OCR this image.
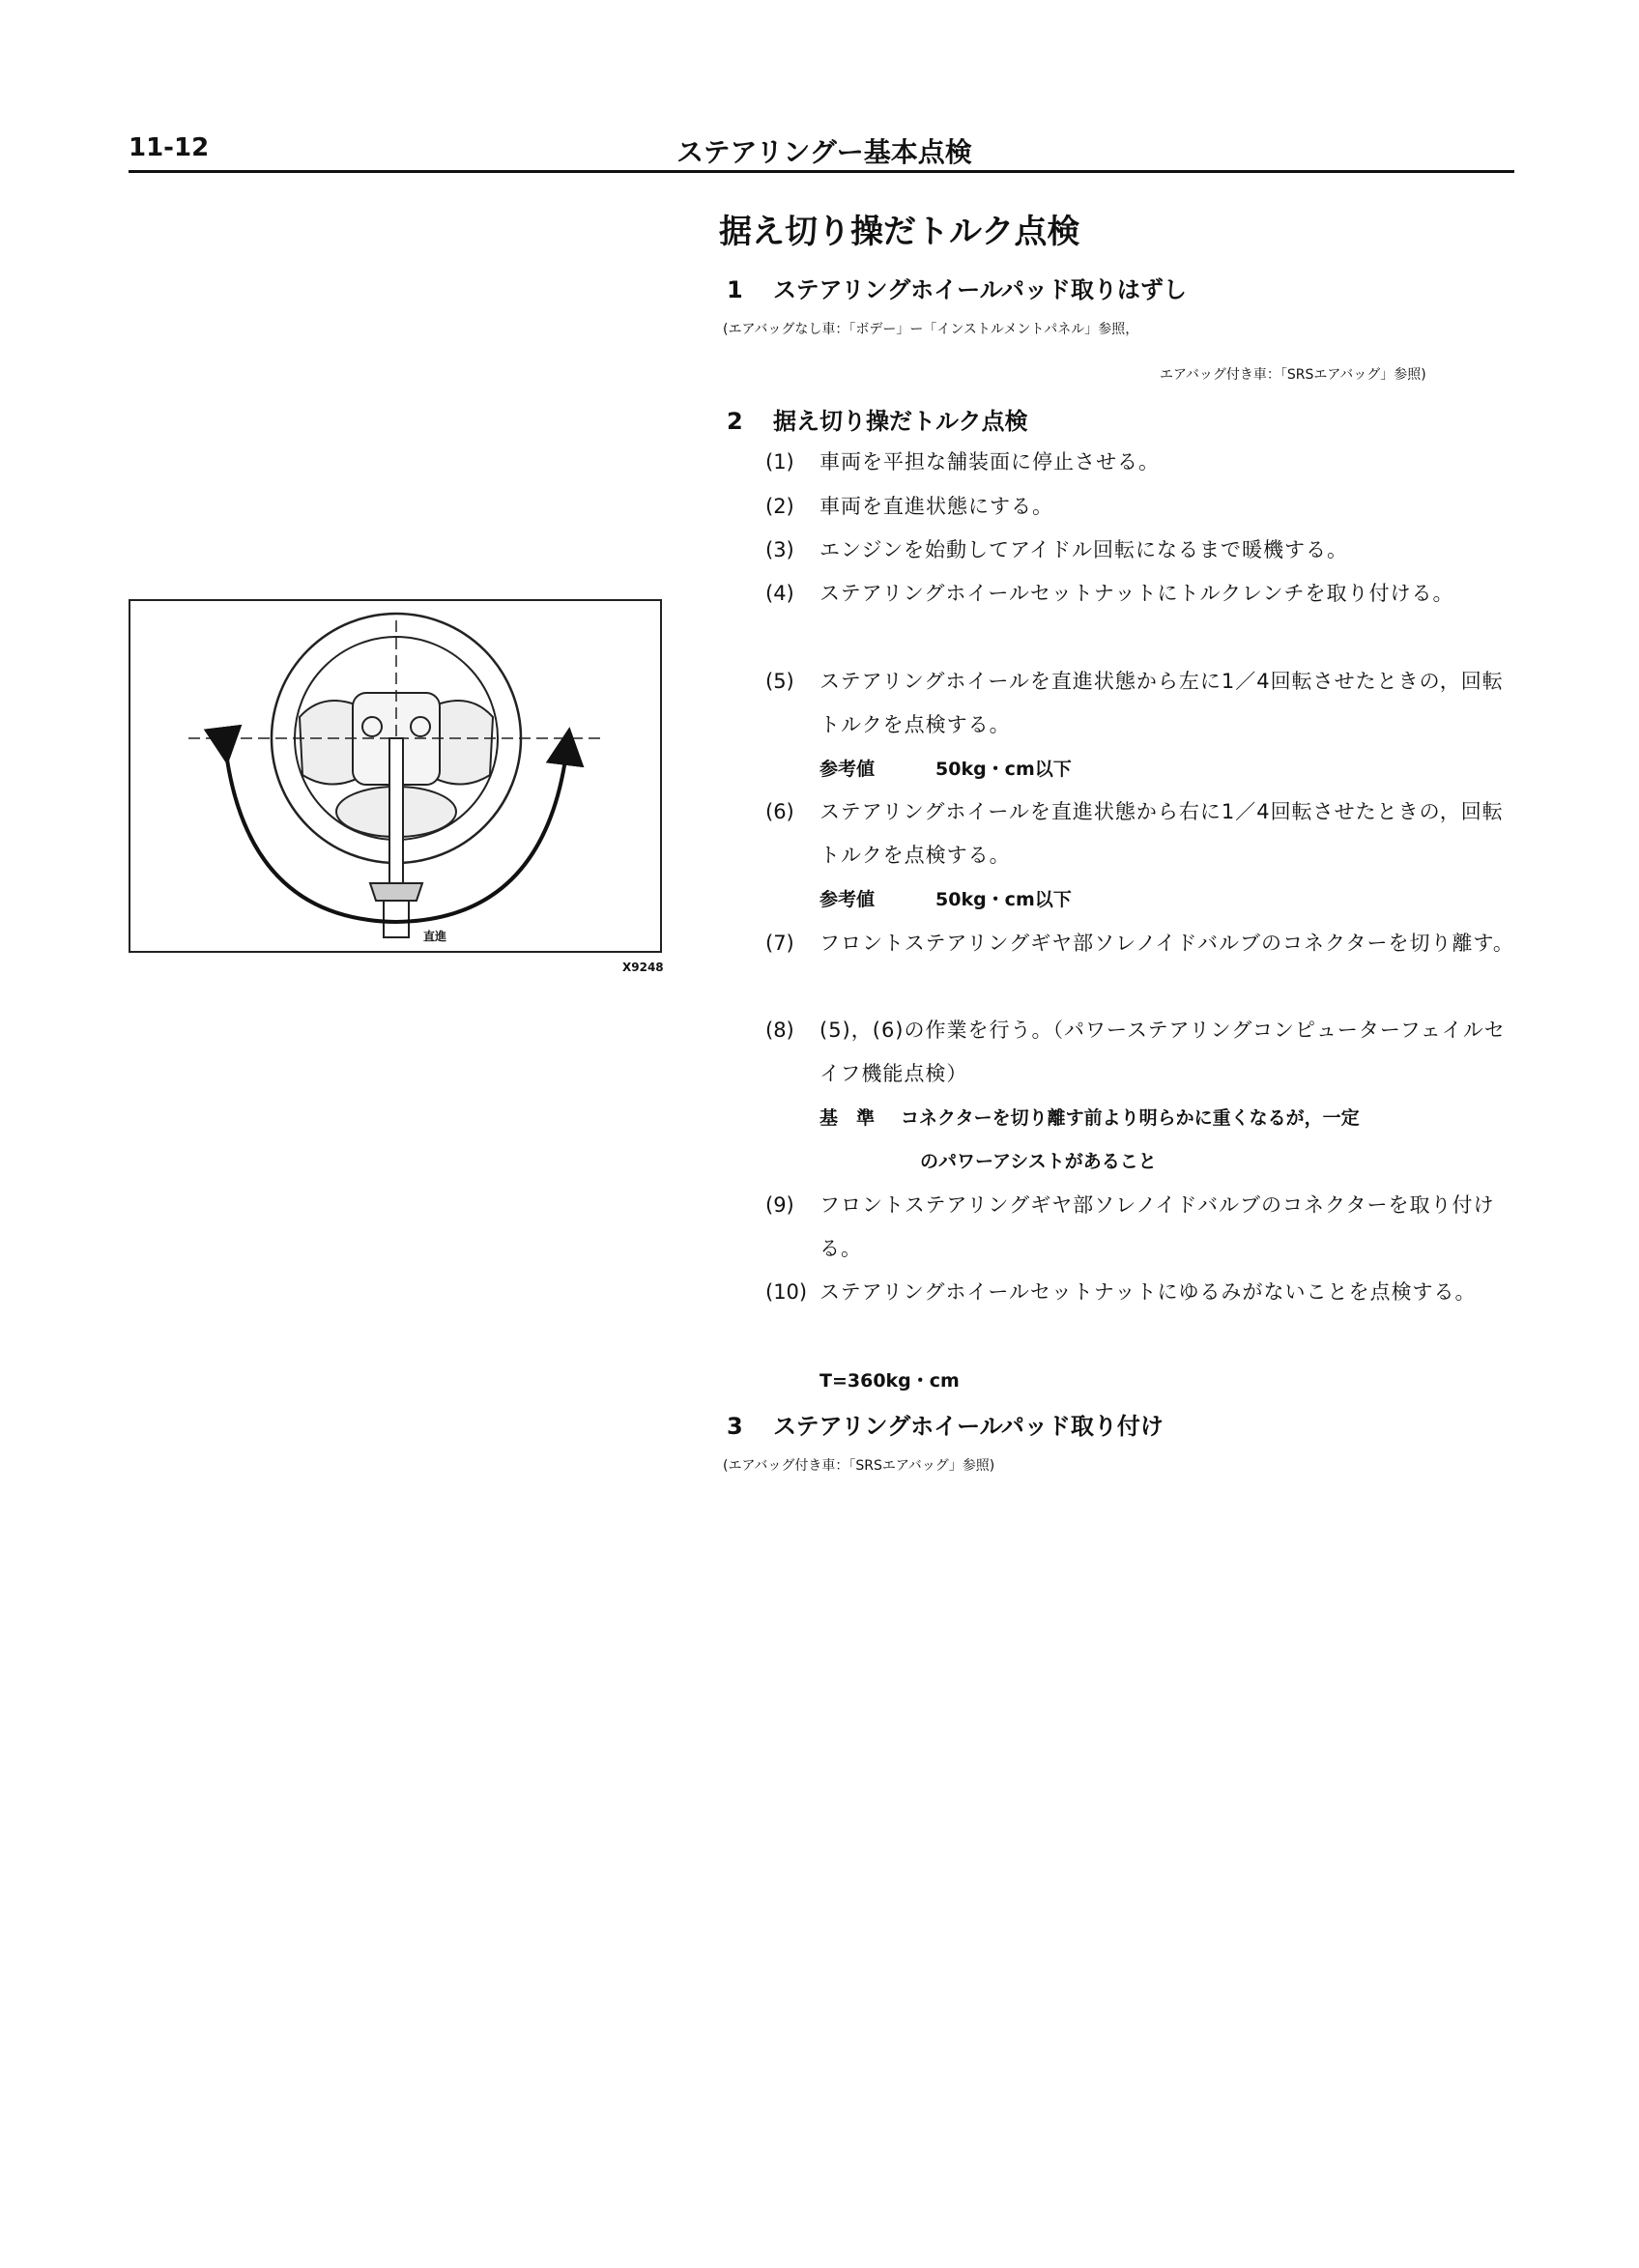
11-12	ステアリングー基本点検
据え切り操だトルク点検
1 ステアリングホイールパッド取りはずし
(エアバッグなし車：「ボデー」ー「インストルメントパネル」参照，
エアバッグ付き車：「SRSエアバッグ」参照)
2 据え切り操だトルク点検
(1)	車両を平担な舗装面に停止させる。
(2)	車両を直進状態にする。
(3)	エンジンを始動してアイドル回転になるまで暖機する。
(4)	ステアリングホイールセットナットにトルクレンチを取り付ける。
(5)	ステアリングホイールを直進状態から左に1／4回転させたときの，回転トルクを点検する。
参考値	50kg・cm以下
(6)	ステアリングホイールを直進状態から右に1／4回転させたときの，回転トルクを点検する。
参考値	50kg・cm以下
(7)	フロントステアリングギヤ部ソレノイドバルブのコネクターを切り離す。
(8)	(5)，(6)の作業を行う。（パワーステアリングコンピューターフェイルセイフ機能点検）
基　準 コネクターを切り離す前より明らかに重くなるが，一定
のパワーアシストがあること
(9)	フロントステアリングギヤ部ソレノイドバルブのコネクターを取り付ける。
(10) ステアリングホイールセットナットにゆるみがないことを点検する。
T=360kg・cm
3 ステアリングホイールパッド取り付け
(エアバッグ付き車：「SRSエアバッグ」参照)
直進
X9248
